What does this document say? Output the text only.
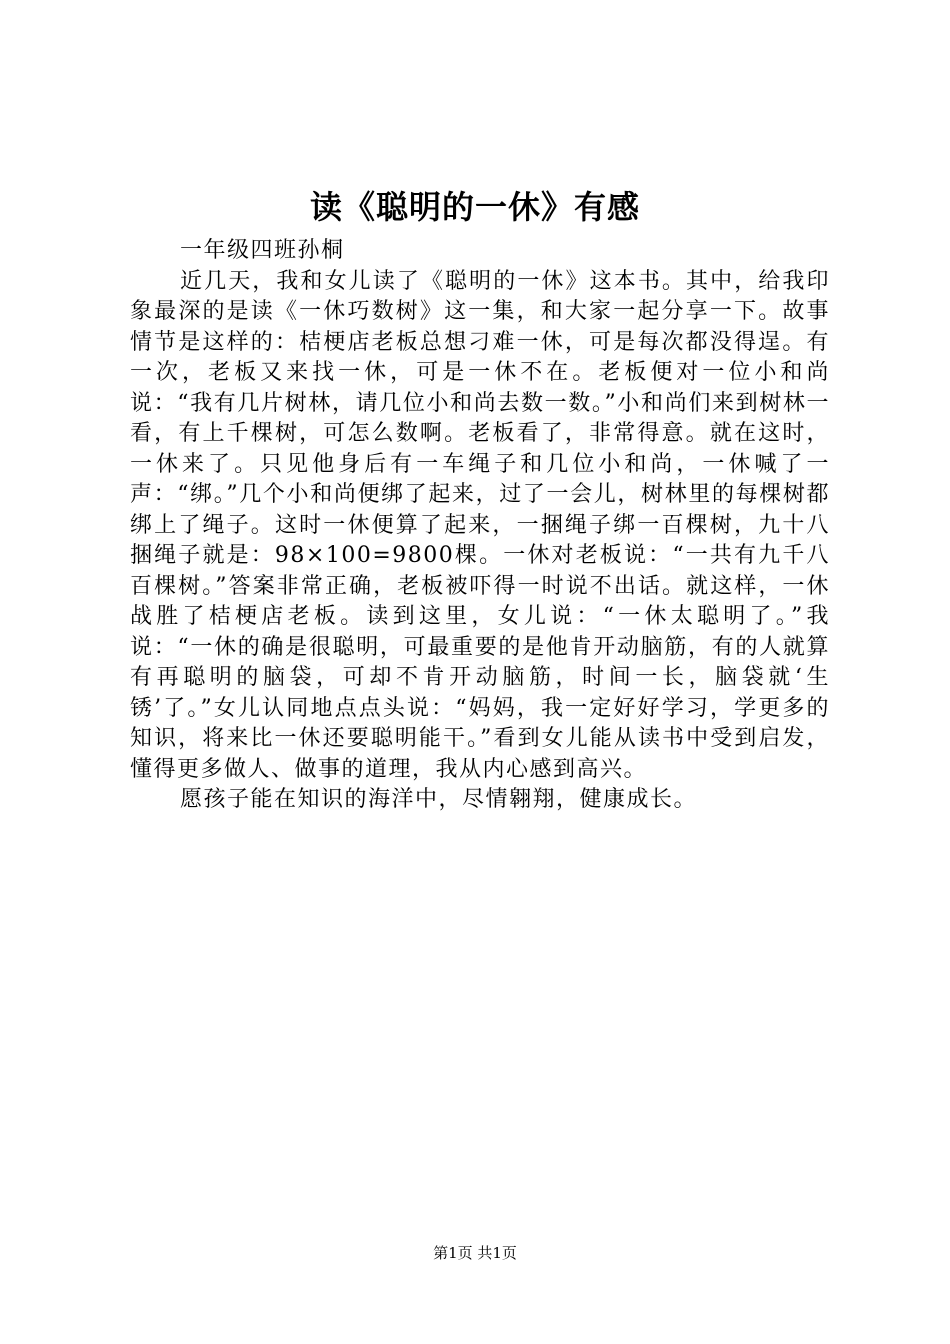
读《聪明的一休》有感

一年级四班孙桐

近几天，我和女儿读了《聪明的一休》这本书。其中，给我印象最深的是读《一休巧数树》这一集，和大家一起分享一下。故事情节是这样的：桔梗店老板总想刁难一休，可是每次都没得逞。有一次，老板又来找一休，可是一休不在。老板便对一位小和尚说：“我有几片树林，请几位小和尚去数一数。”小和尚们来到树林一看，有上千棵树，可怎么数啊。老板看了，非常得意。就在这时，一休来了。只见他身后有一车绳子和几位小和尚，一休喊了一声：“绑。”几个小和尚便绑了起来，过了一会儿，树林里的每棵树都绑上了绳子。这时一休便算了起来，一捆绳子绑一百棵树，九十八捆绳子就是：98×100=9800棵。一休对老板说：“一共有九千八百棵树。”答案非常正确，老板被吓得一时说不出话。就这样，一休战胜了桔梗店老板。读到这里，女儿说：“一休太聪明了。”我说：“一休的确是很聪明，可最重要的是他肯开动脑筋，有的人就算有再聪明的脑袋，可却不肯开动脑筋，时间一长，脑袋就‘生锈’了。”女儿认同地点点头说：“妈妈，我一定好好学习，学更多的知识，将来比一休还要聪明能干。”看到女儿能从读书中受到启发，懂得更多做人、做事的道理，我从内心感到高兴。

愿孩子能在知识的海洋中，尽情翱翔，健康成长。

第1页 共1页
